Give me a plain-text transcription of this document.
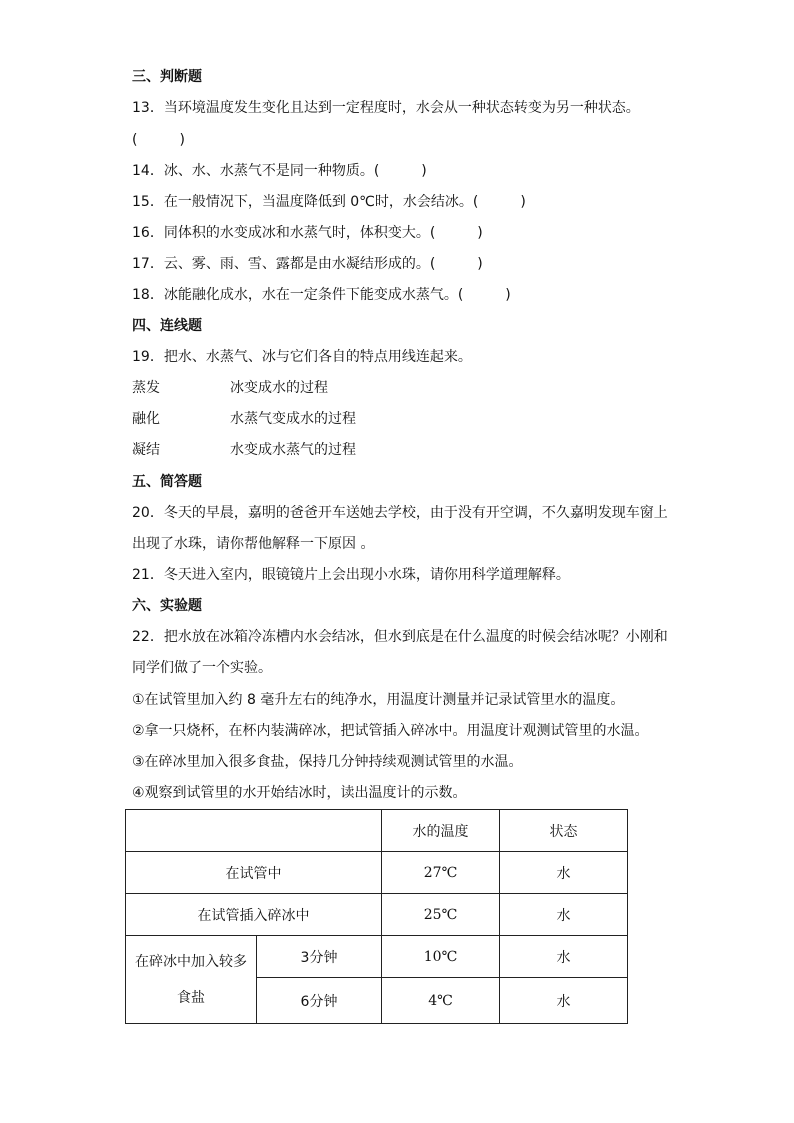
三、判断题
13．当环境温度发生变化且达到一定程度时，水会从一种状态转变为另一种状态。
(　　　)
14．冰、水、水蒸气不是同一种物质。(　　　)
15．在一般情况下，当温度降低到 0℃时，水会结冰。(　　　)
16．同体积的水变成冰和水蒸气时，体积变大。(　　　)
17．云、雾、雨、雪、露都是由水凝结形成的。(　　　)
18．冰能融化成水，水在一定条件下能变成水蒸气。(　　　)
四、连线题
19．把水、水蒸气、冰与它们各自的特点用线连起来。
蒸发	冰变成水的过程
融化	水蒸气变成水的过程
凝结	水变成水蒸气的过程
五、简答题
20．冬天的早晨，嘉明的爸爸开车送她去学校，由于没有开空调，不久嘉明发现车窗上
出现了水珠，请你帮他解释一下原因 。
21．冬天进入室内，眼镜镜片上会出现小水珠，请你用科学道理解释。
六、实验题
22．把水放在冰箱冷冻槽内水会结冰，但水到底是在什么温度的时候会结冰呢？小刚和
同学们做了一个实验。
①在试管里加入约 8 毫升左右的纯净水，用温度计测量并记录试管里水的温度。
②拿一只烧杯，在杯内装满碎冰，把试管插入碎冰中。用温度计观测试管里的水温。
③在碎冰里加入很多食盐，保持几分钟持续观测试管里的水温。
④观察到试管里的水开始结冰时，读出温度计的示数。
		水的温度	状态
在试管中		27℃	水
在试管插入碎冰中		25℃	水

在碎冰中加入较多
食盐	3分钟	10℃	水
	6分钟	4℃	水
